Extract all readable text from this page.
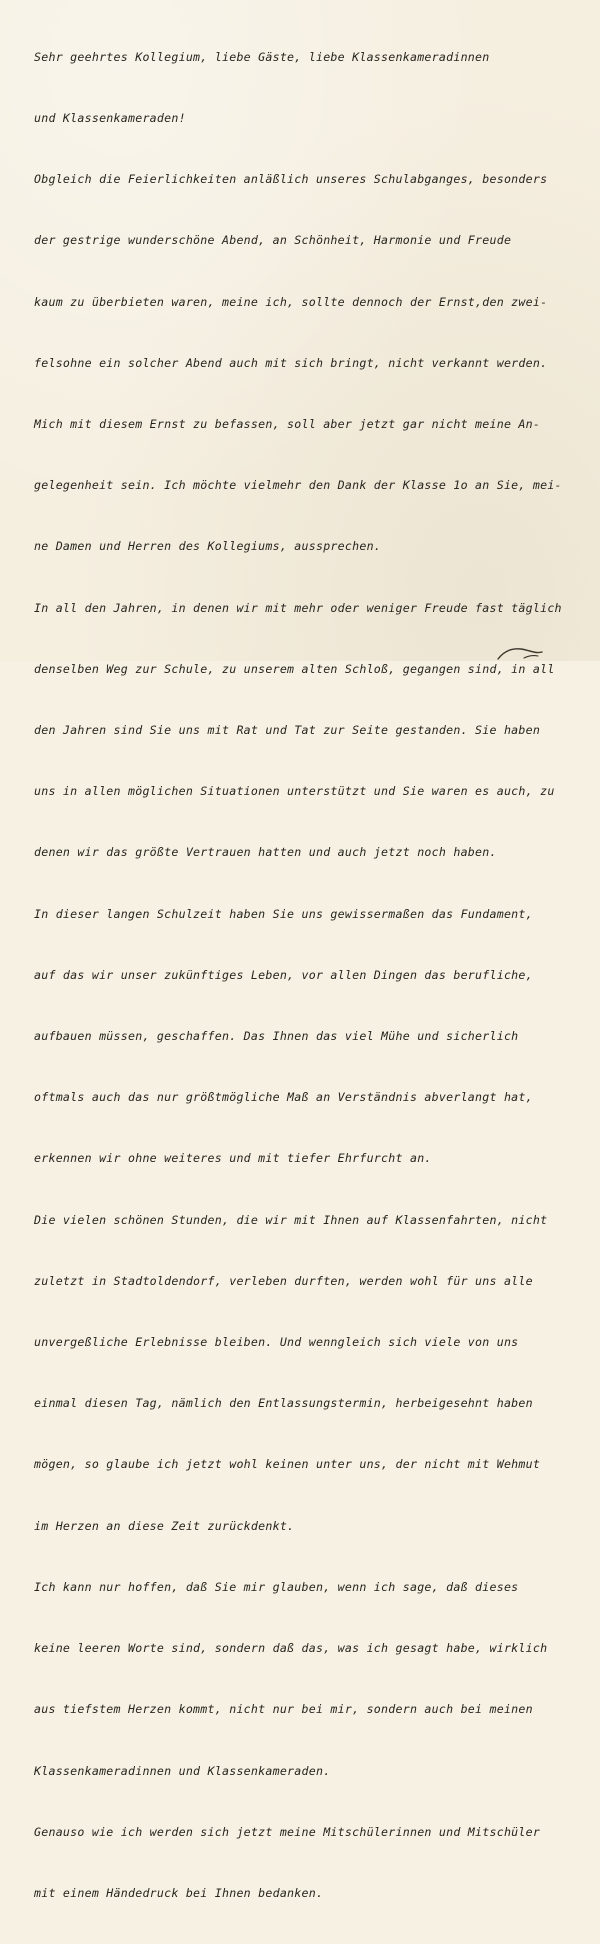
Sehr geehrtes Kollegium, liebe Gäste, liebe Klassenkameradinnen

und Klassenkameraden!

Obgleich die Feierlichkeiten anläßlich unseres Schulabganges, besonders

der gestrige wunderschöne Abend, an Schönheit, Harmonie und Freude

kaum zu überbieten waren, meine ich, sollte dennoch der Ernst,den zwei-

felsohne ein solcher Abend auch mit sich bringt, nicht verkannt werden.

Mich mit diesem Ernst zu befassen, soll aber jetzt gar nicht meine An-

gelegenheit sein. Ich möchte vielmehr den Dank der Klasse 1o an Sie, mei-

ne Damen und Herren des Kollegiums, aussprechen.

In all den Jahren, in denen wir mit mehr oder weniger Freude fast täglich

denselben Weg zur Schule, zu unserem alten Schloß, gegangen sind, in all

den Jahren sind Sie uns mit Rat und Tat zur Seite gestanden. Sie haben

uns in allen möglichen Situationen unterstützt und Sie waren es auch, zu

denen wir das größte Vertrauen hatten und auch jetzt noch haben.

In dieser langen Schulzeit haben Sie uns gewissermaßen das Fundament,

auf das wir unser zukünftiges Leben, vor allen Dingen das berufliche,

aufbauen müssen, geschaffen. Das Ihnen das viel Mühe und sicherlich

oftmals auch das nur größtmögliche Maß an Verständnis abverlangt hat,

erkennen wir ohne weiteres und mit tiefer Ehrfurcht an.

Die vielen schönen Stunden, die wir mit Ihnen auf Klassenfahrten, nicht

zuletzt in Stadtoldendorf, verleben durften, werden wohl für uns alle

unvergeßliche Erlebnisse bleiben. Und wenngleich sich viele von uns

einmal diesen Tag, nämlich den Entlassungstermin, herbeigesehnt haben

mögen, so glaube ich jetzt wohl keinen unter uns, der nicht mit Wehmut

im Herzen an diese Zeit zurückdenkt.

Ich kann nur hoffen, daß Sie mir glauben, wenn ich sage, daß dieses

keine leeren Worte sind, sondern daß das, was ich gesagt habe, wirklich

aus tiefstem Herzen kommt, nicht nur bei mir, sondern auch bei meinen

Klassenkameradinnen und Klassenkameraden.

Genauso wie ich werden sich jetzt meine Mitschülerinnen und Mitschüler

mit einem Händedruck bei Ihnen bedanken.
